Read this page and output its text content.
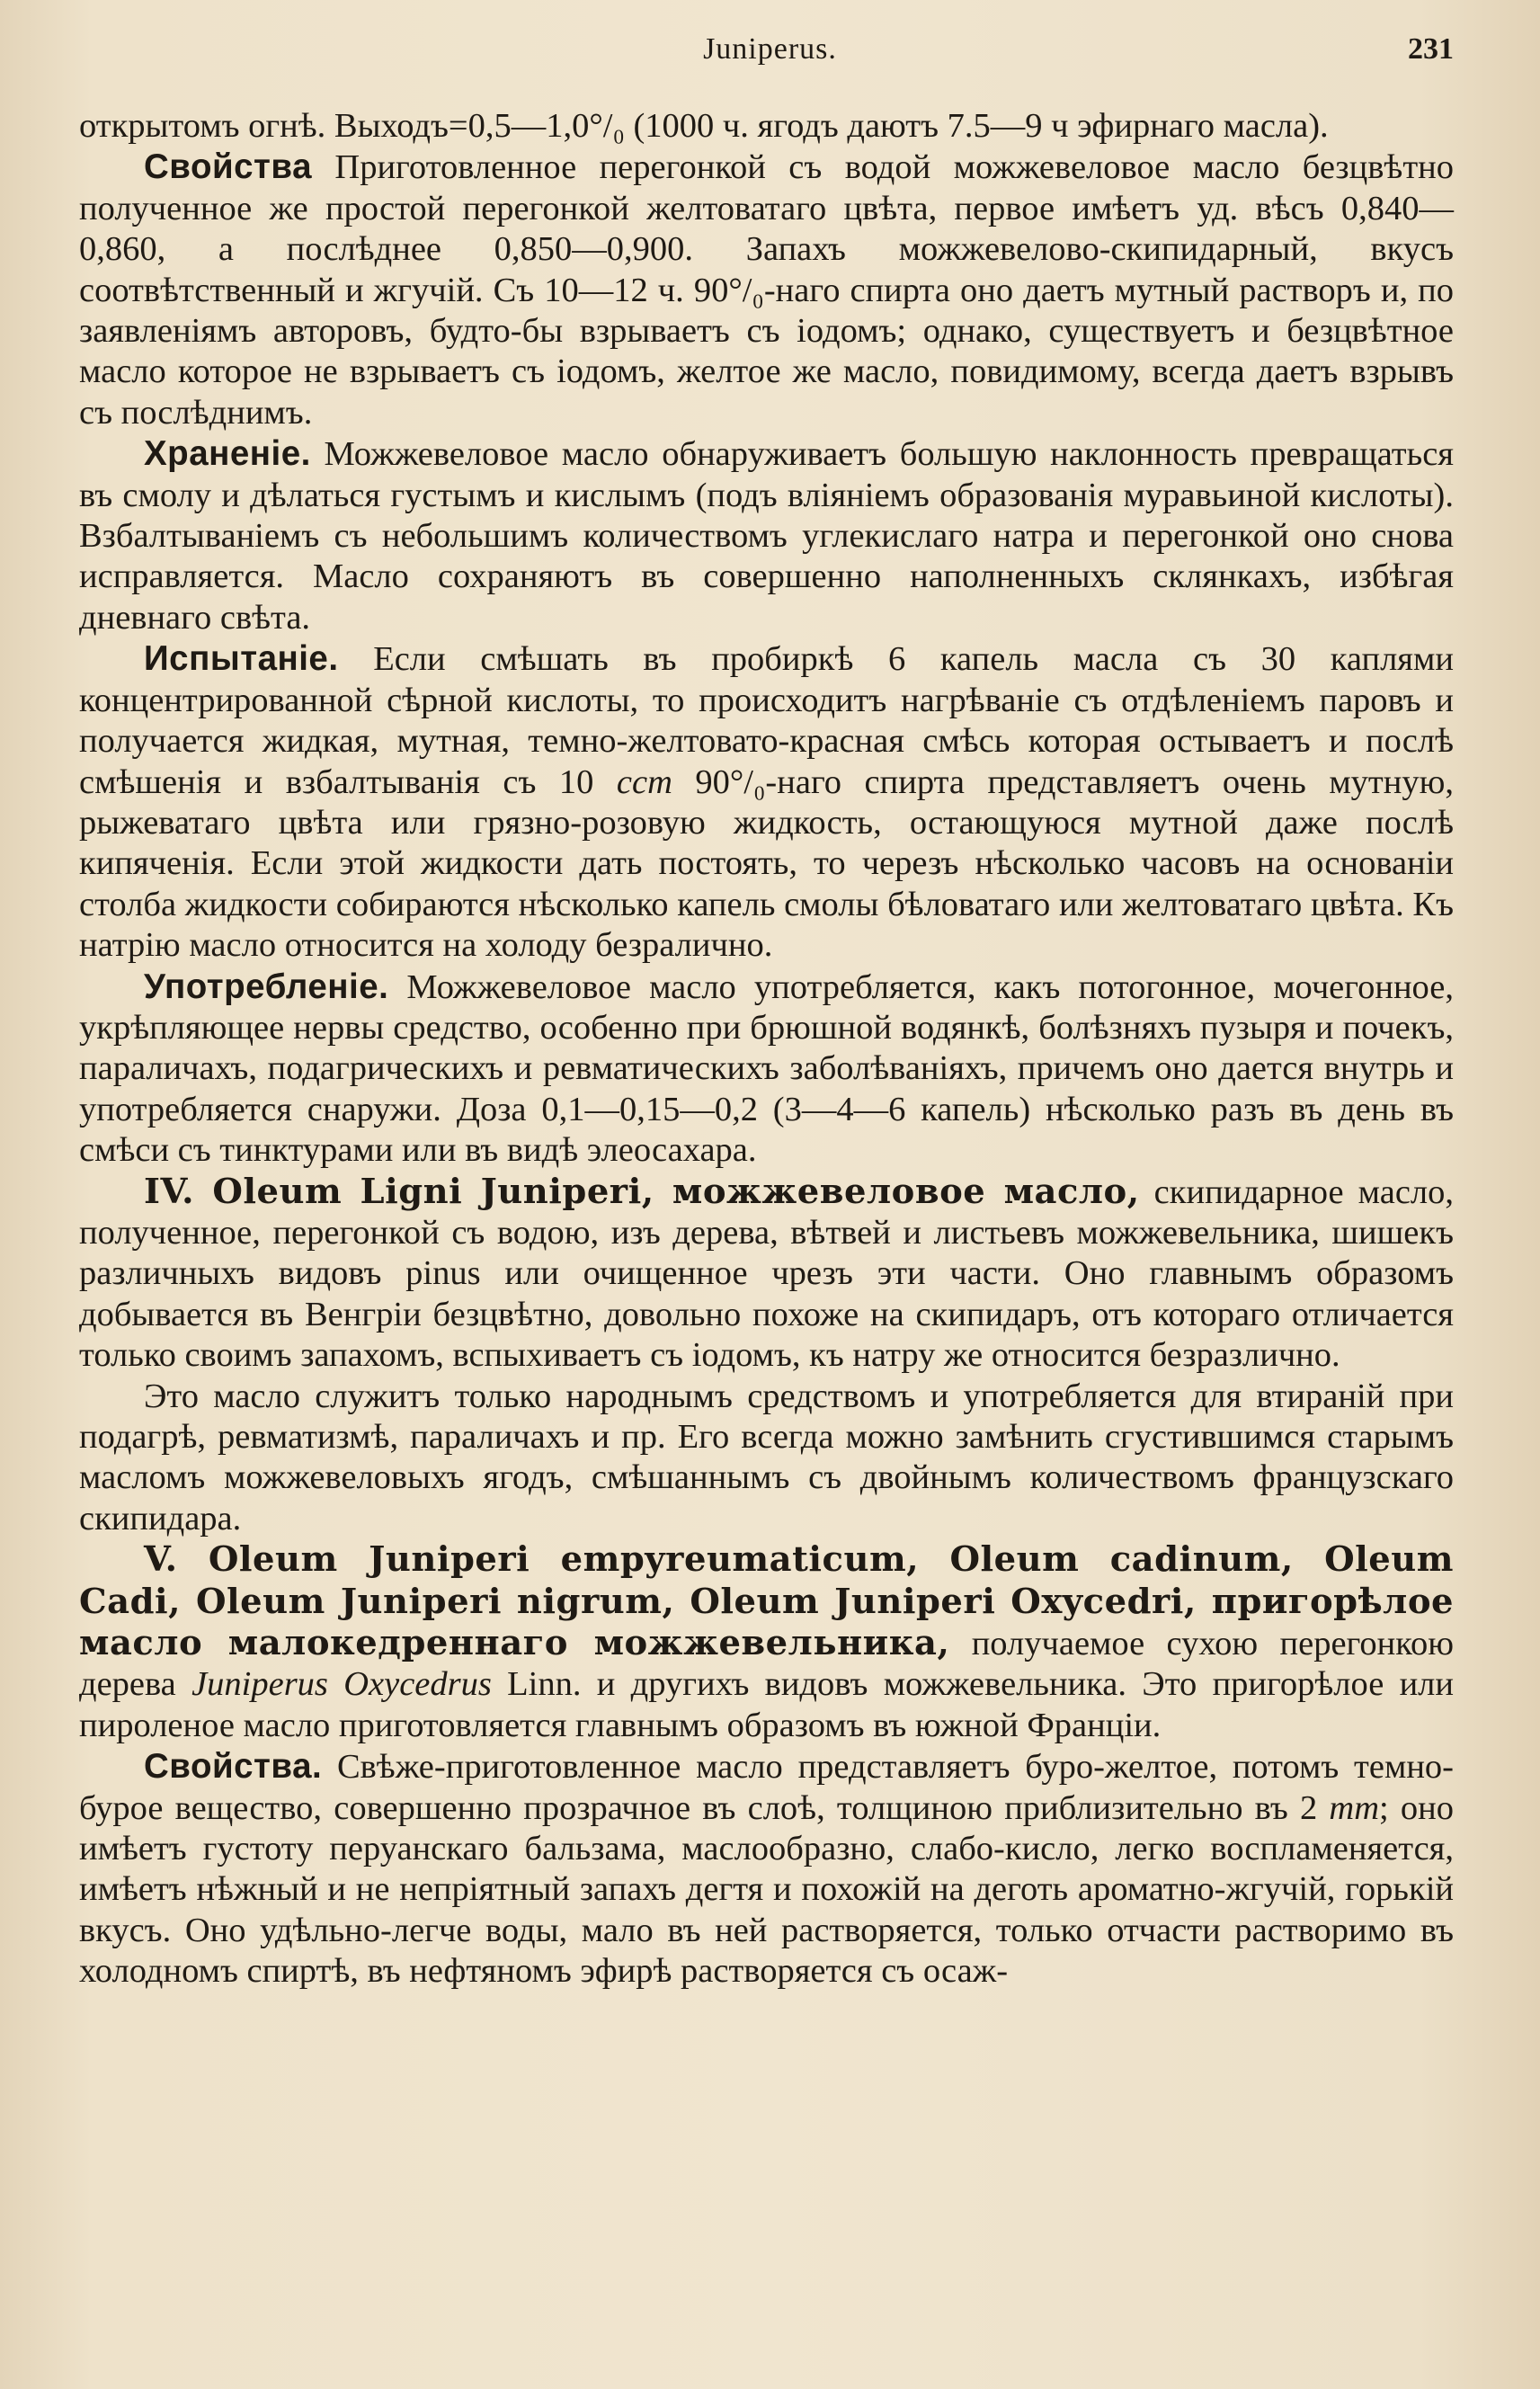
Juniperus.	231

открытомъ огнѣ. Выходъ=0,5—1,0°/₀ (1000 ч. ягодъ даютъ 7.5—9 ч эфирнаго масла).

Свойства Приготовленное перегонкой съ водой можжевеловое масло безцвѣтно полученное же простой перегонкой желтоватаго цвѣта, первое имѣетъ уд. вѣсъ 0,840—0,860, а послѣднее 0,850—0,900. Запахъ можжевелово-скипидарный, вкусъ соотвѣтственный и жгучій. Съ 10—12 ч. 90°/₀-наго спирта оно даетъ мутный растворъ и, по заявленіямъ авторовъ, будто-бы взрываетъ съ іодомъ; однако, существуетъ и безцвѣтное масло которое не взрываетъ съ іодомъ, желтое же масло, повидимому, всегда даетъ взрывъ съ послѣднимъ.

Храненіе. Можжевеловое масло обнаруживаетъ большую наклонность превращаться въ смолу и дѣлаться густымъ и кислымъ (подъ вліяніемъ образованія муравьиной кислоты). Взбалтываніемъ съ небольшимъ количествомъ углекислаго натра и перегонкой оно снова исправляется. Масло сохраняютъ въ совершенно наполненныхъ склянкахъ, избѣгая дневнаго свѣта.

Испытаніе. Если смѣшать въ пробиркѣ 6 капель масла съ 30 каплями концентрированной сѣрной кислоты, то происходитъ нагрѣваніе съ отдѣленіемъ паровъ и получается жидкая, мутная, темно-желтовато-красная смѣсь которая остываетъ и послѣ смѣшенія и взбалтыванія съ 10 ccm 90°/₀-наго спирта представляетъ очень мутную, рыжеватаго цвѣта или грязно-розовую жидкость, остающуюся мутной даже послѣ кипяченія. Если этой жидкости дать постоять, то черезъ нѣсколько часовъ на основаніи столба жидкости собираются нѣсколько капель смолы бѣловатаго или желтоватаго цвѣта. Къ натрію масло относится на холоду безралично.

Употребленіе. Можжевеловое масло употребляется, какъ потогонное, мочегонное, укрѣпляющее нервы средство, особенно при брюшной водянкѣ, болѣзняхъ пузыря и почекъ, параличахъ, подагрическихъ и ревматическихъ заболѣваніяхъ, причемъ оно дается внутрь и употребляется снаружи. Доза 0,1—0,15—0,2 (3—4—6 капель) нѣсколько разъ въ день въ смѣси съ тинктурами или въ видѣ элеосахара.

IV. Oleum Ligni Juniperi, можжевеловое масло, скипидарное масло, полученное, перегонкой съ водою, изъ дерева, вѣтвей и листьевъ можжевельника, шишекъ различныхъ видовъ pinus или очищенное чрезъ эти части. Оно главнымъ образомъ добывается въ Венгріи безцвѣтно, довольно похоже на скипидаръ, отъ котораго отличается только своимъ запахомъ, вспыхиваетъ съ іодомъ, къ натру же относится безразлично.

Это масло служитъ только народнымъ средствомъ и употребляется для втираній при подагрѣ, ревматизмѣ, параличахъ и пр. Его всегда можно замѣнить сгустившимся старымъ масломъ можжевеловыхъ ягодъ, смѣшаннымъ съ двойнымъ количествомъ французскаго скипидара.

V. Oleum Juniperi empyreumaticum, Oleum cadinum, Oleum Cadi, Oleum Juniperi nigrum, Oleum Juniperi Oxycedri, пригорѣлое масло малокедреннаго можжевельника, получаемое сухою перегонкою дерева Juniperus Oxycedrus Linn. и другихъ видовъ можжевельника. Это пригорѣлое или пироленое масло приготовляется главнымъ образомъ въ южной Франціи.

Свойства. Свѣже-приготовленное масло представляетъ буро-желтое, потомъ темно-бурое вещество, совершенно прозрачное въ слоѣ, толщиною приблизительно въ 2 mm; оно имѣетъ густоту перуанскаго бальзама, маслообразно, слабо-кисло, легко воспламеняется, имѣетъ нѣжный и не непріятный запахъ дегтя и похожій на деготь ароматно-жгучій, горькій вкусъ. Оно удѣльно-легче воды, мало въ ней растворяется, только отчасти растворимо въ холодномъ спиртѣ, въ нефтяномъ эфирѣ растворяется съ осаж-
